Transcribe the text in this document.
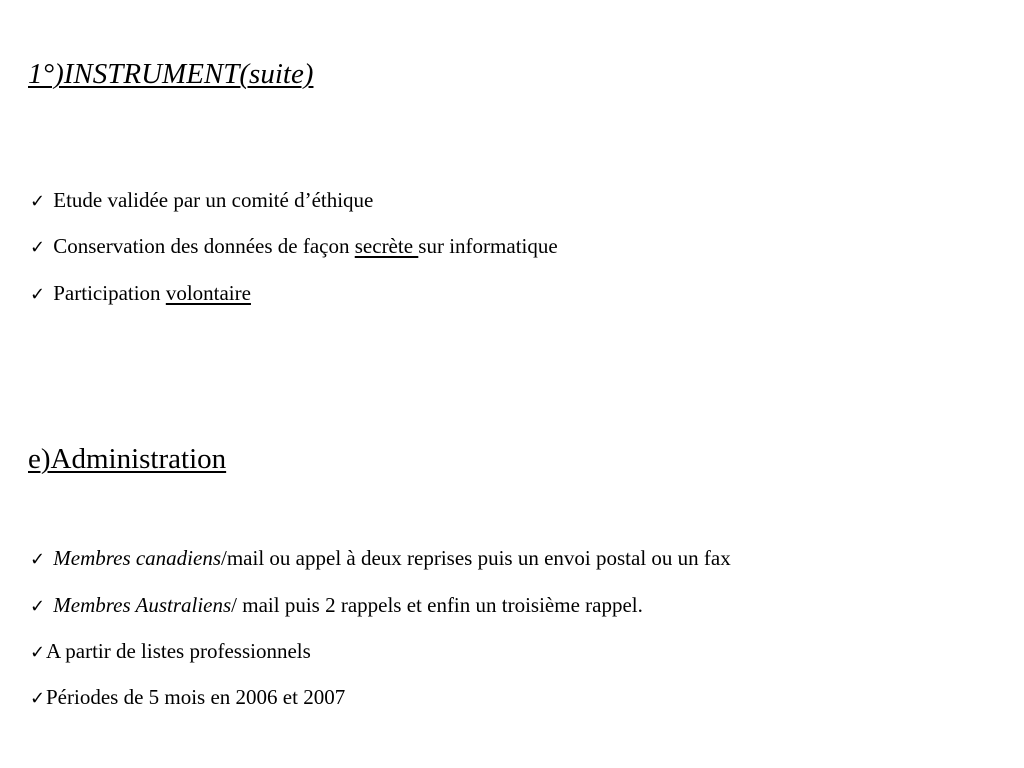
1°)INSTRUMENT(suite)
✓ Etude validée par un comité d’éthique
✓ Conservation des données de façon secrète sur informatique
✓ Participation volontaire
e)Administration
✓ Membres canadiens/mail ou appel à deux reprises puis un envoi postal ou un fax
✓ Membres Australiens/ mail puis 2 rappels et enfin un troisième rappel.
✓A partir de listes professionnels
✓Périodes de 5 mois en 2006 et 2007
